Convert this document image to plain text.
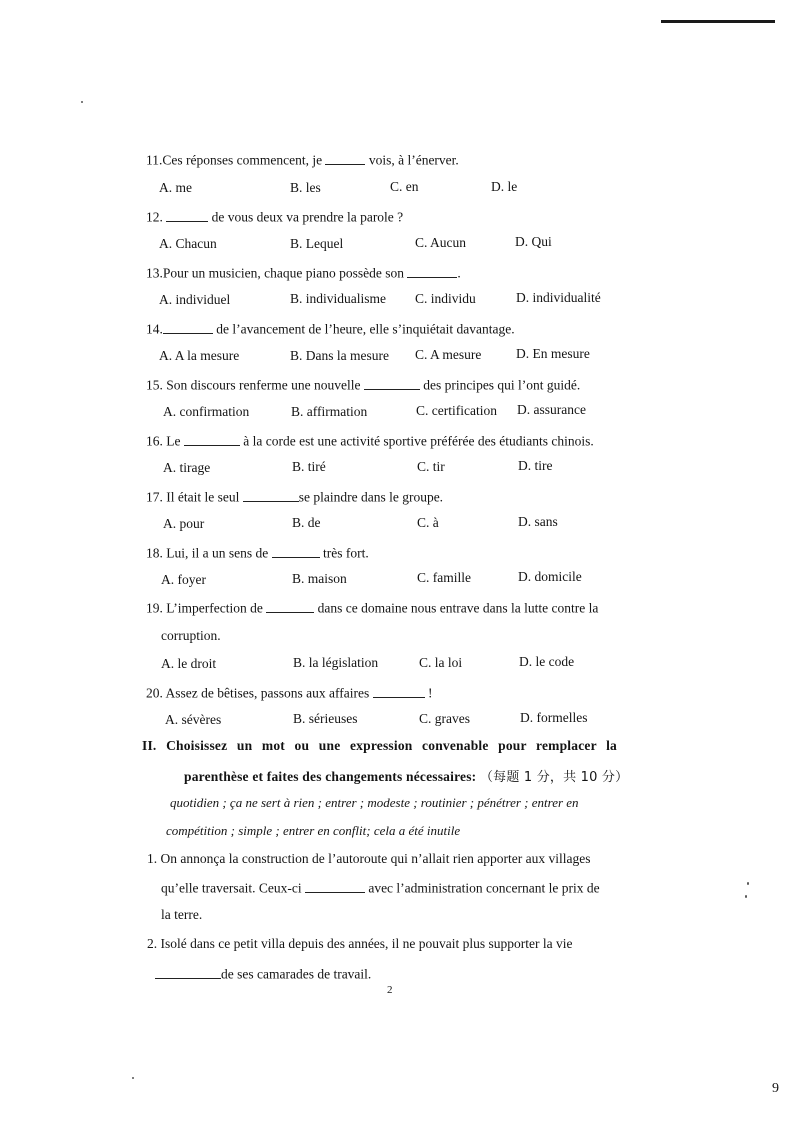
11.Ces réponses commencent, je	vois, à l’énerver.
A. me	B. les	C. en	D. le
12.	de vous deux va prendre la parole ?
A. Chacun	B. Lequel	C. Aucun	D. Qui
13.Pour un musicien, chaque piano possède son	.
A. individuel	B. individualisme C. individu	D. individualité
14.	de l’avancement de l’heure, elle s’inquiétait davantage.
A. A la mesure	B. Dans la mesure C. A mesure	D. En mesure
15. Son discours renferme une nouvelle	des principes qui l’ont guidé.
A. confirmation	B. affirmation	C. certification D. assurance
16. Le	à la corde est une activité sportive préférée des étudiants chinois.
A. tirage	B. tiré	C. tir	D. tire
17. Il était le seul	se plaindre dans le groupe.
A. pour	B. de	C. à	D. sans
18. Lui, il a un sens de	très fort.
A. foyer	B. maison	C. famille	D. domicile
19. L’imperfection de	dans ce domaine nous entrave dans la lutte contre la
corruption.
A. le droit	B. la législation	C. la loi	D. le code
20. Assez de bêtises, passons aux affaires	!
A. sévères	B. sérieuses	C. graves	D. formelles
II. Choisissez un mot ou une expression convenable pour remplacer la
parenthèse et faites des changements nécessaires: （每题 1 分，共 10 分）
quotidien ; ça ne sert à rien ; entrer ; modeste ; routinier ; pénétrer ; entrer en
compétition ; simple ; entrer en conflit; cela a été inutile
1. On annonça la construction de l’autoroute qui n’allait rien apporter aux villages
qu’elle traversait. Ceux-ci	avec l’administration concernant le prix de
la terre.
2. Isolé dans ce petit villa depuis des années, il ne pouvait plus supporter la vie
de ses camarades de travail.
2
9
